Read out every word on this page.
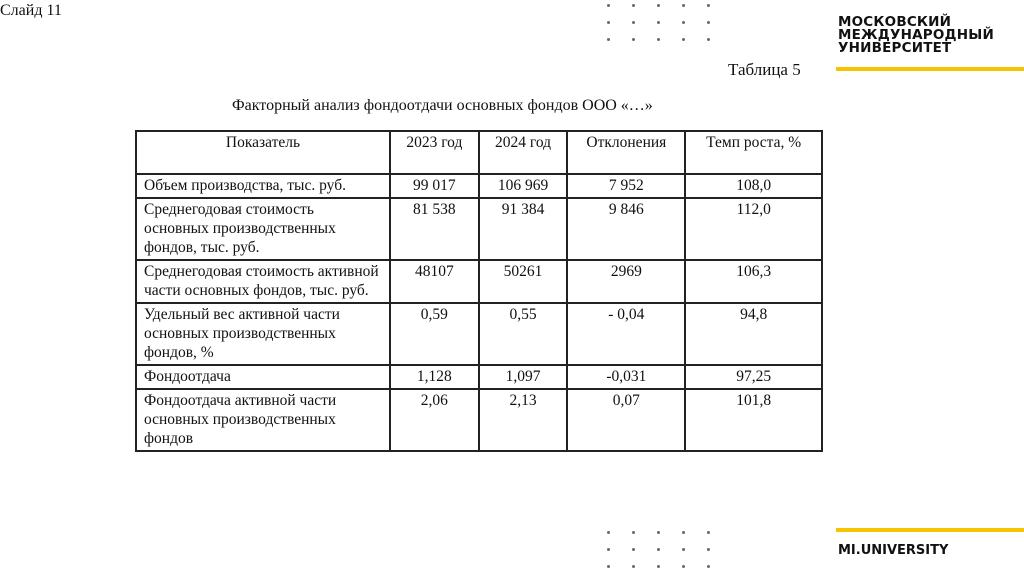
Слайд 11
МОСКОВСКИЙ
МЕЖДУНАРОДНЫЙ
УНИВЕРСИТЕТ
Таблица 5
Факторный анализ фондоотдачи основных фондов ООО «…»
Показатель	2023 год	2024 год	Отклонения	Темп роста, %
Объем производства, тыс. руб.	99 017	106 969	7 952	108,0
Среднегодовая стоимость основных производственных фондов, тыс. руб.	81 538	91 384	9 846	112,0
Среднегодовая стоимость активной части основных фондов, тыс. руб.	48107	50261	2969	106,3
Удельный вес активной части основных производственных фондов, %	0,59	0,55	- 0,04	94,8
Фондоотдача	1,128	1,097	-0,031	97,25
Фондоотдача активной части основных производственных фондов	2,06	2,13	0,07	101,8
MI.UNIVERSITY
